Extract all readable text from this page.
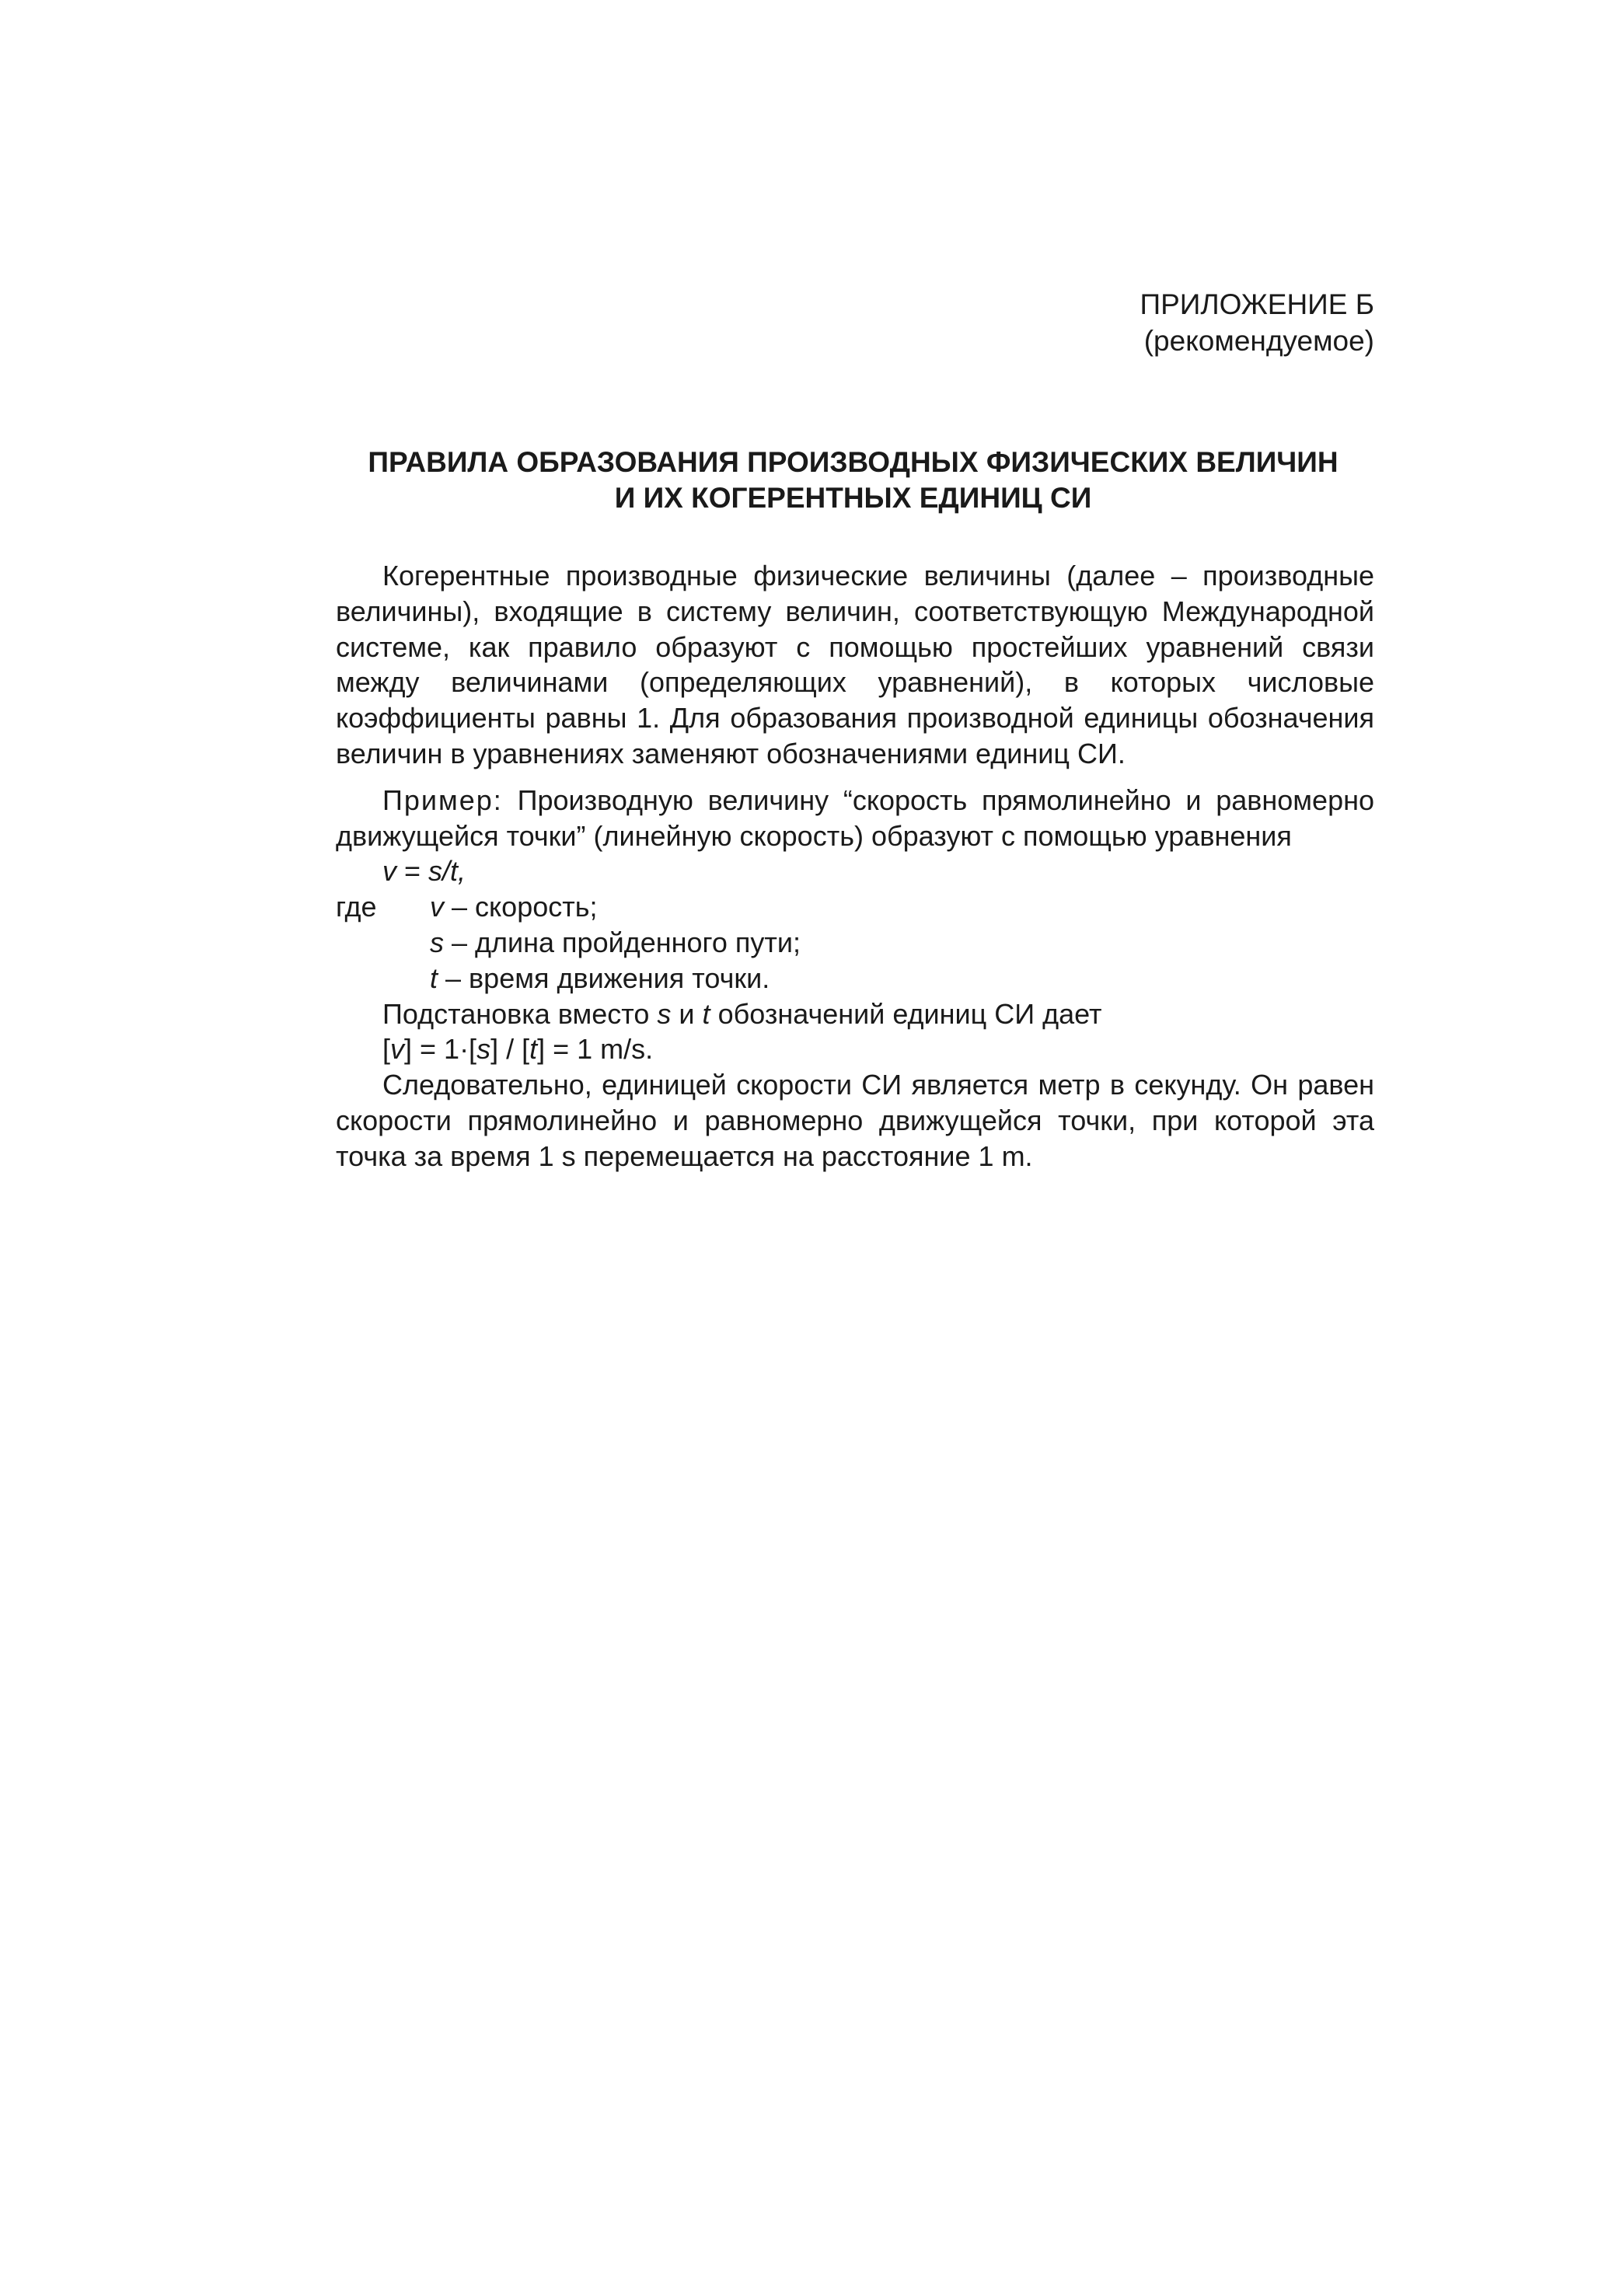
ПРИЛОЖЕНИЕ Б
(рекомендуемое)
ПРАВИЛА ОБРАЗОВАНИЯ ПРОИЗВОДНЫХ ФИЗИЧЕСКИХ ВЕЛИЧИН
И ИХ КОГЕРЕНТНЫХ ЕДИНИЦ СИ

Когерентные производные физические величины (далее – производные величины), входящие в систему величин, соответствующую Международной системе, как правило образуют с помощью простейших уравнений связи между величинами (определяющих уравнений), в которых числовые коэффициенты равны 1. Для образования производной единицы обозначения величин в уравнениях заменяют обозначениями единиц СИ.

Пример: Производную величину “скорость прямолинейно и равномерно движущейся точки” (линейную скорость) образуют с помощью уравнения

v = s/t,
где v – скорость;
s – длина пройденного пути;
t – время движения точки.
Подстановка вместо s и t обозначений единиц СИ дает
[v] = 1·[s] / [t] = 1 m/s.

Следовательно, единицей скорости СИ является метр в секунду. Он равен скорости прямолинейно и равномерно движущейся точки, при которой эта точка за время 1 s перемещается на расстояние 1 m.
